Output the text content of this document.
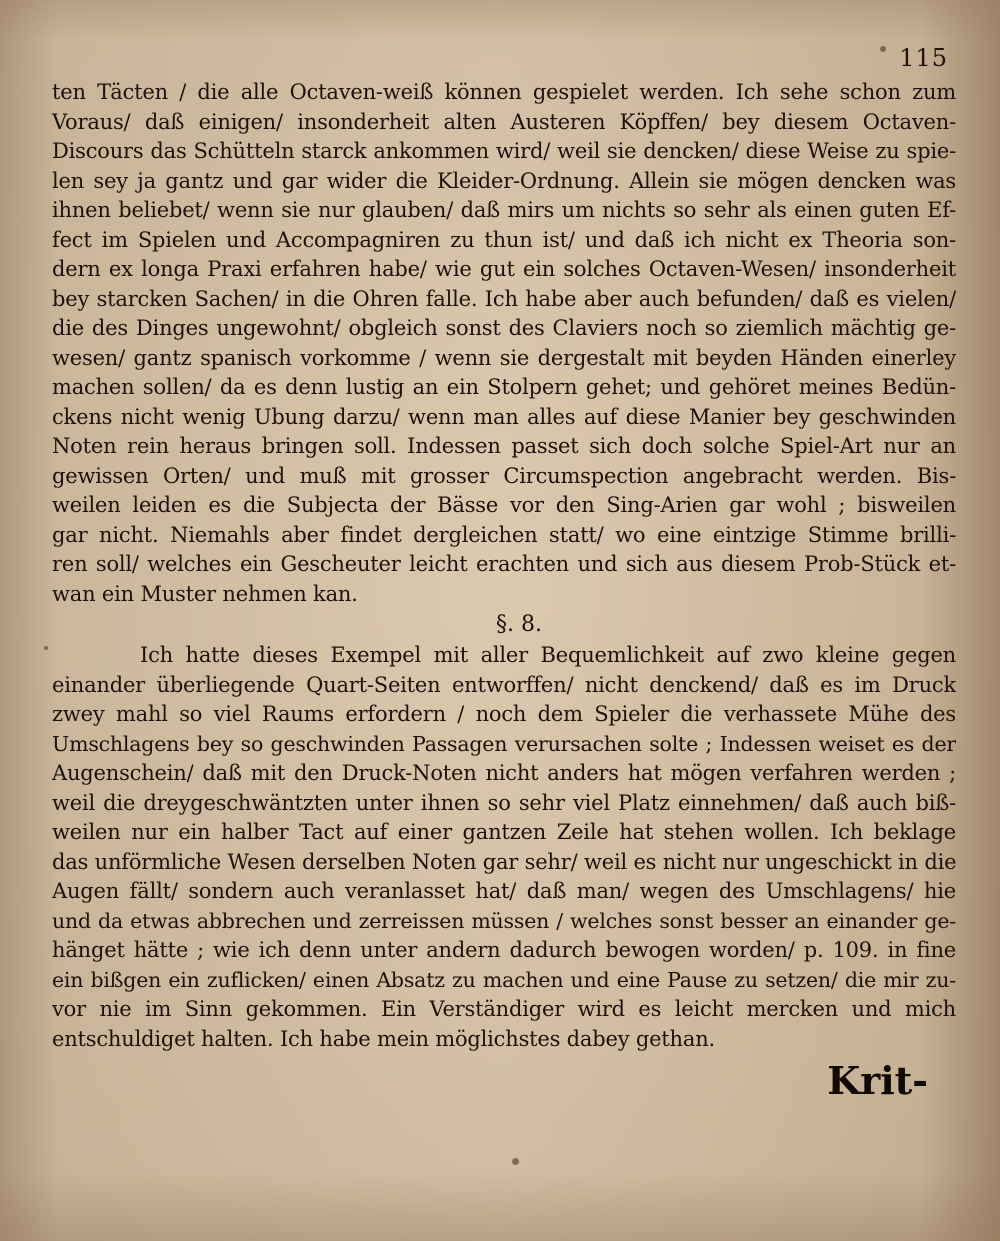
115
ten Täcten / die alle Octaven-weiß können gespielet werden. Ich sehe schon zum
Voraus/ daß einigen/ insonderheit alten Austeren Köpffen/ bey diesem Octaven-
Discours das Schütteln starck ankommen wird/ weil sie dencken/ diese Weise zu spie-
len sey ja gantz und gar wider die Kleider-Ordnung. Allein sie mögen dencken was
ihnen beliebet/ wenn sie nur glauben/ daß mirs um nichts so sehr als einen guten Ef-
fect im Spielen und Accompagniren zu thun ist/ und daß ich nicht ex Theoria son-
dern ex longa Praxi erfahren habe/ wie gut ein solches Octaven-Wesen/ insonderheit
bey starcken Sachen/ in die Ohren falle. Ich habe aber auch befunden/ daß es vielen/
die des Dinges ungewohnt/ obgleich sonst des Claviers noch so ziemlich mächtig ge-
wesen/ gantz spanisch vorkomme / wenn sie dergestalt mit beyden Händen einerley
machen sollen/ da es denn lustig an ein Stolpern gehet; und gehöret meines Bedün-
ckens nicht wenig Ubung darzu/ wenn man alles auf diese Manier bey geschwinden
Noten rein heraus bringen soll. Indessen passet sich doch solche Spiel-Art nur an
gewissen Orten/ und muß mit grosser Circumspection angebracht werden. Bis-
weilen leiden es die Subjecta der Bässe vor den Sing-Arien gar wohl ; bisweilen
gar nicht. Niemahls aber findet dergleichen statt/ wo eine eintzige Stimme brilli-
ren soll/ welches ein Gescheuter leicht erachten und sich aus diesem Prob-Stück et-
wan ein Muster nehmen kan.
§. 8.
Ich hatte dieses Exempel mit aller Bequemlichkeit auf zwo kleine gegen
einander überliegende Quart-Seiten entworffen/ nicht denckend/ daß es im Druck
zwey mahl so viel Raums erfordern / noch dem Spieler die verhassete Mühe des
Umschlagens bey so geschwinden Passagen verursachen solte ; Indessen weiset es der
Augenschein/ daß mit den Druck-Noten nicht anders hat mögen verfahren werden ;
weil die dreygeschwäntzten unter ihnen so sehr viel Platz einnehmen/ daß auch biß-
weilen nur ein halber Tact auf einer gantzen Zeile hat stehen wollen. Ich beklage
das unförmliche Wesen derselben Noten gar sehr/ weil es nicht nur ungeschickt in die
Augen fällt/ sondern auch veranlasset hat/ daß man/ wegen des Umschlagens/ hie
und da etwas abbrechen und zerreissen müssen / welches sonst besser an einander ge-
hänget hätte ; wie ich denn unter andern dadurch bewogen worden/ p. 109. in fine
ein bißgen ein zuflicken/ einen Absatz zu machen und eine Pause zu setzen/ die mir zu-
vor nie im Sinn gekommen. Ein Verständiger wird es leicht mercken und mich
entschuldiget halten. Ich habe mein möglichstes dabey gethan.
Krit-
